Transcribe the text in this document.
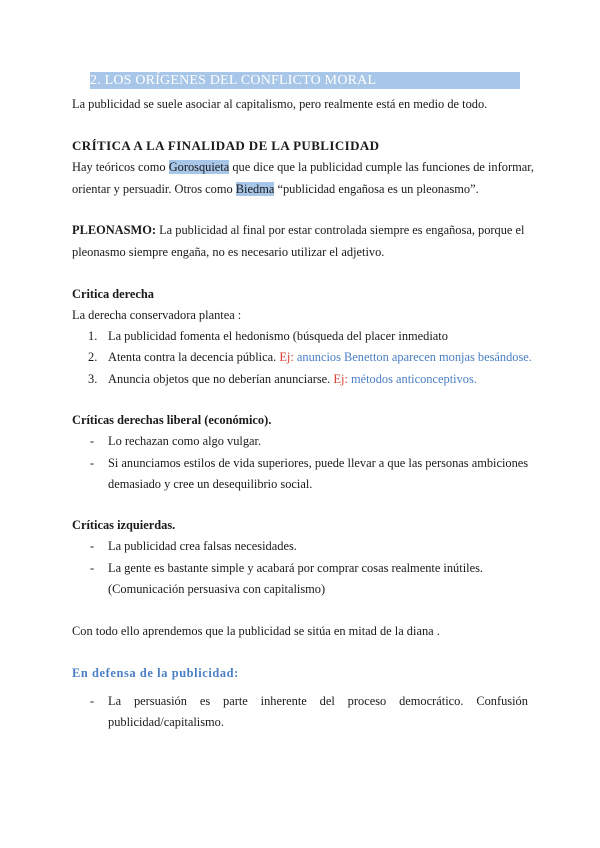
2. LOS ORÍGENES DEL CONFLICTO MORAL
La publicidad se suele asociar al capitalismo, pero realmente está en medio de todo.
CRÍTICA A LA FINALIDAD DE LA PUBLICIDAD
Hay teóricos como Gorosquieta que dice que la publicidad cumple las funciones de informar,
orientar y persuadir. Otros como Biedma “publicidad engañosa es un pleonasmo”.
PLEONASMO: La publicidad al final por estar controlada siempre es engañosa, porque el
pleonasmo siempre engaña, no es necesario utilizar el adjetivo.
Critica derecha
La derecha conservadora plantea :
1. La publicidad fomenta el hedonismo (búsqueda del placer inmediato
2. Atenta contra la decencia pública. Ej: anuncios Benetton aparecen monjas besándose.
3. Anuncia objetos que no deberían anunciarse. Ej: métodos anticonceptivos.
Críticas derechas liberal (económico).
- Lo rechazan como algo vulgar.
- Si anunciamos estilos de vida superiores, puede llevar a que las personas ambiciones
demasiado y cree un desequilibrio social.
Críticas izquierdas.
- La publicidad crea falsas necesidades.
- La gente es bastante simple y acabará por comprar cosas realmente inútiles.
(Comunicación persuasiva con capitalismo)
Con todo ello aprendemos que la publicidad se sitúa en mitad de la diana .
En defensa de la publicidad:
- La persuasión es parte inherente del proceso democrático. Confusión
publicidad/capitalismo.
